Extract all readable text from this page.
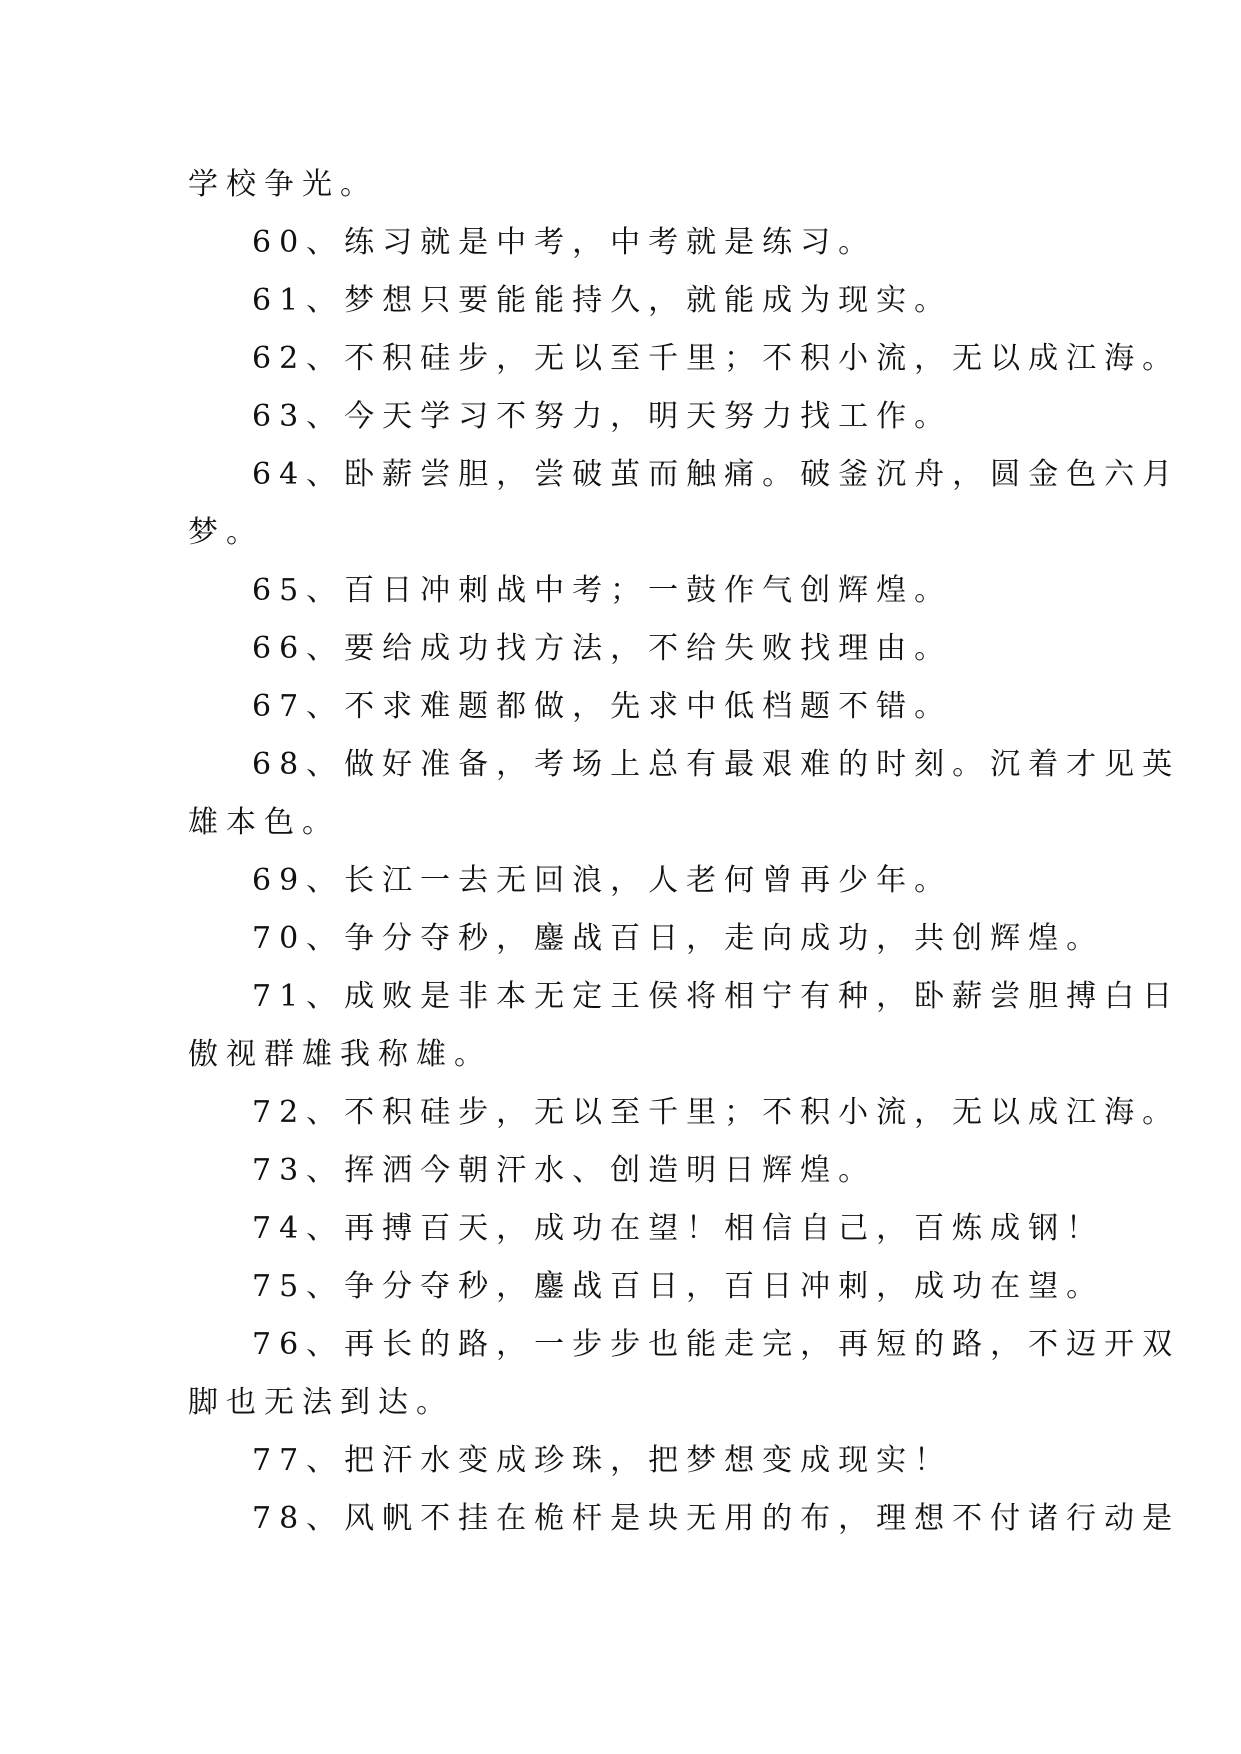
学校争光。

60、练习就是中考，中考就是练习。

61、梦想只要能能持久，就能成为现实。

62、不积硅步，无以至千里；不积小流，无以成江海。

63、今天学习不努力，明天努力找工作。

64、卧薪尝胆，尝破茧而触痛。破釜沉舟，圆金色六月

梦。

65、百日冲刺战中考；一鼓作气创辉煌。

66、要给成功找方法，不给失败找理由。

67、不求难题都做，先求中低档题不错。

68、做好准备，考场上总有最艰难的时刻。沉着才见英

雄本色。

69、长江一去无回浪，人老何曾再少年。

70、争分夺秒，鏖战百日，走向成功，共创辉煌。

71、成败是非本无定王侯将相宁有种，卧薪尝胆搏白日

傲视群雄我称雄。

72、不积硅步，无以至千里；不积小流，无以成江海。

73、挥洒今朝汗水、创造明日辉煌。

74、再搏百天，成功在望！相信自己，百炼成钢！

75、争分夺秒，鏖战百日，百日冲刺，成功在望。

76、再长的路，一步步也能走完，再短的路，不迈开双

脚也无法到达。

77、把汗水变成珍珠，把梦想变成现实！

78、风帆不挂在桅杆是块无用的布，理想不付诸行动是
